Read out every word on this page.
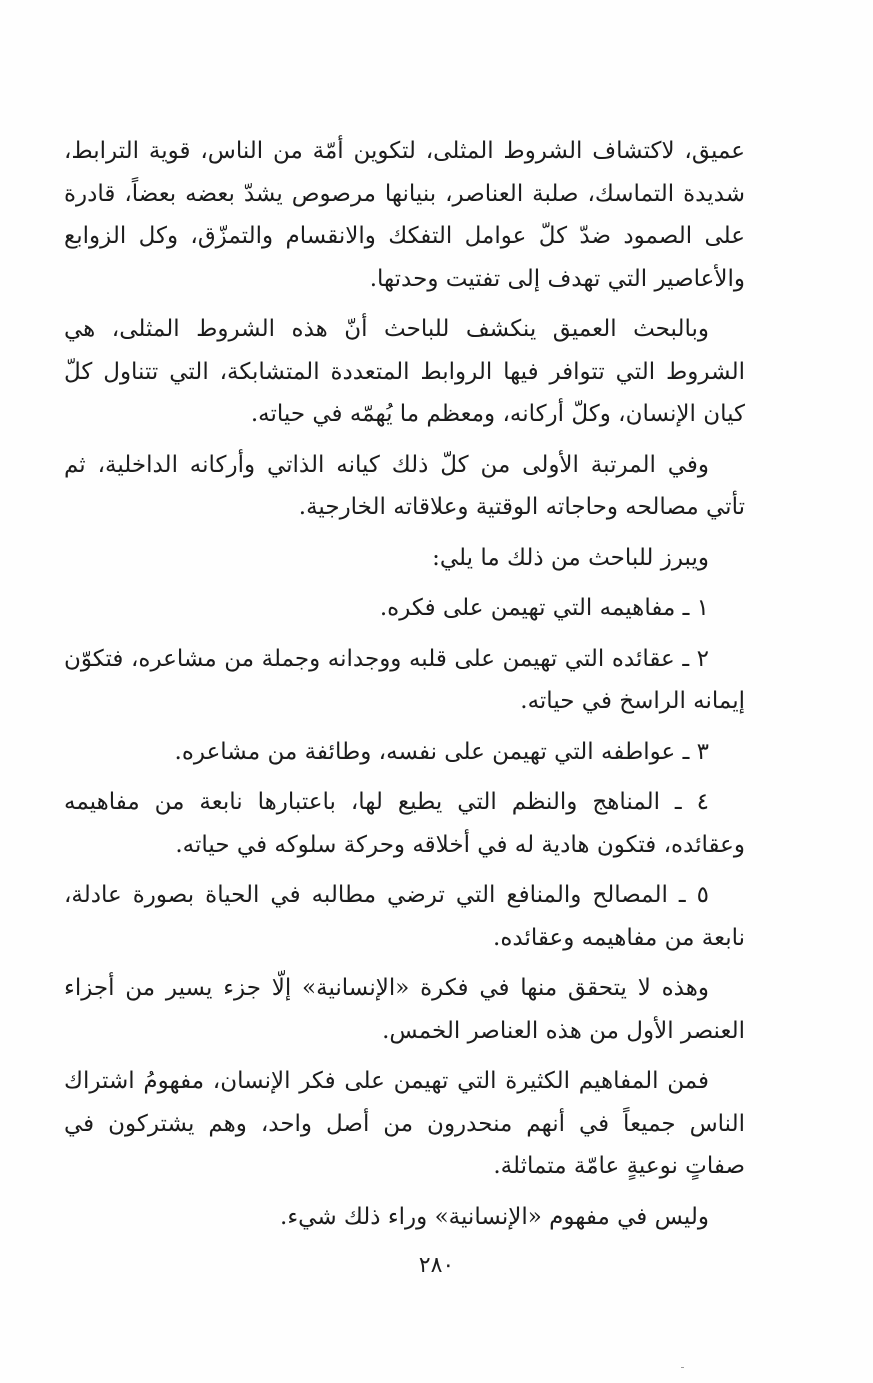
عميق، لاكتشاف الشروط المثلى، لتكوين أمّة من الناس، قوية الترابط، شديدة التماسك، صلبة العناصر، بنيانها مرصوص يشدّ بعضه بعضاً، قادرة على الصمود ضدّ كلّ عوامل التفكك والانقسام والتمزّق، وكل الزوابع والأعاصير التي تهدف إلى تفتيت وحدتها.

وبالبحث العميق ينكشف للباحث أنّ هذه الشروط المثلى، هي الشروط التي تتوافر فيها الروابط المتعددة المتشابكة، التي تتناول كلّ كيان الإنسان، وكلّ أركانه، ومعظم ما يُهمّه في حياته.

وفي المرتبة الأولى من كلّ ذلك كيانه الذاتي وأركانه الداخلية، ثم تأتي مصالحه وحاجاته الوقتية وعلاقاته الخارجية.

ويبرز للباحث من ذلك ما يلي:

١ ـ مفاهيمه التي تهيمن على فكره.

٢ ـ عقائده التي تهيمن على قلبه ووجدانه وجملة من مشاعره، فتكوّن إيمانه الراسخ في حياته.

٣ ـ عواطفه التي تهيمن على نفسه، وطائفة من مشاعره.

٤ ـ المناهج والنظم التي يطيع لها، باعتبارها نابعة من مفاهيمه وعقائده، فتكون هادية له في أخلاقه وحركة سلوكه في حياته.

٥ ـ المصالح والمنافع التي ترضي مطالبه في الحياة بصورة عادلة، نابعة من مفاهيمه وعقائده.

وهذه لا يتحقق منها في فكرة «الإنسانية» إلّا جزء يسير من أجزاء العنصر الأول من هذه العناصر الخمس.

فمن المفاهيم الكثيرة التي تهيمن على فكر الإنسان، مفهومُ اشتراك الناس جميعاً في أنهم منحدرون من أصل واحد، وهم يشتركون في صفاتٍ نوعيةٍ عامّة متماثلة.

وليس في مفهوم «الإنسانية» وراء ذلك شيء.

٢٨٠
